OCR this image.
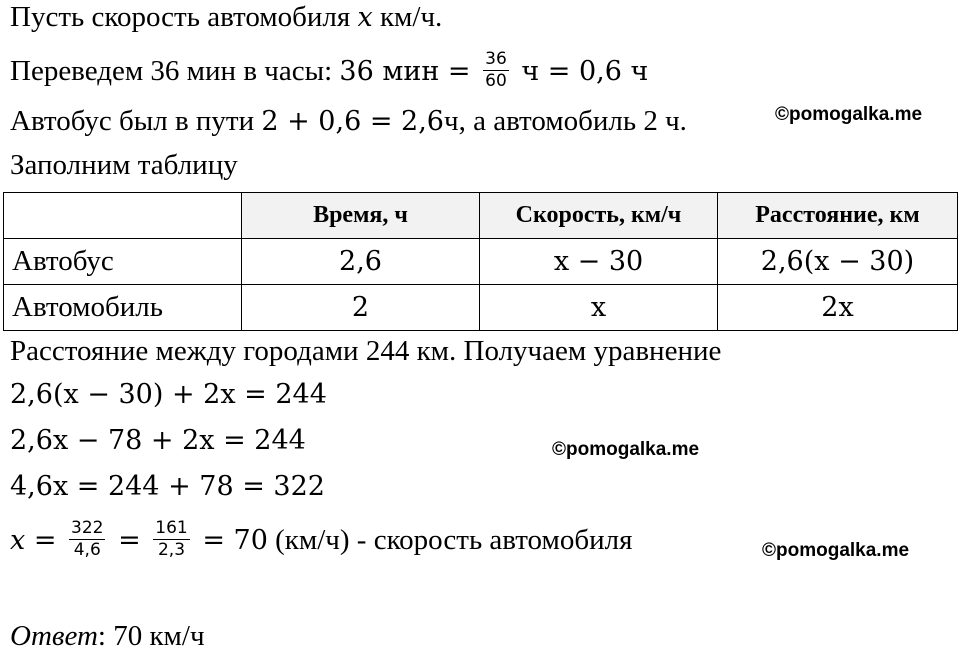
Пусть скорость автомобиля x км/ч.
Переведем 36 мин в часы: 36 мин = $\frac{36}{60}$ ч = 0,6 ч
Автобус был в пути 2 + 0,6 = 2,6ч, а автомобиль 2 ч.	©pomogalka.me
Заполним таблицу
	Время, ч	Скорость, км/ч	Расстояние, км
Автобус	2,6	x − 30	2,6(x − 30)
Автомобиль	2	x	2x
Расстояние между городами 244 км. Получаем уравнение
2,6(x − 30) + 2x = 244
2,6x − 78 + 2x = 244	©pomogalka.me
4,6x = 244 + 78 = 322
$x = \frac{322}{4,6} = \frac{161}{2,3} = 70$ (км/ч) - скорость автомобиля	©pomogalka.me
Ответ: 70 км/ч
